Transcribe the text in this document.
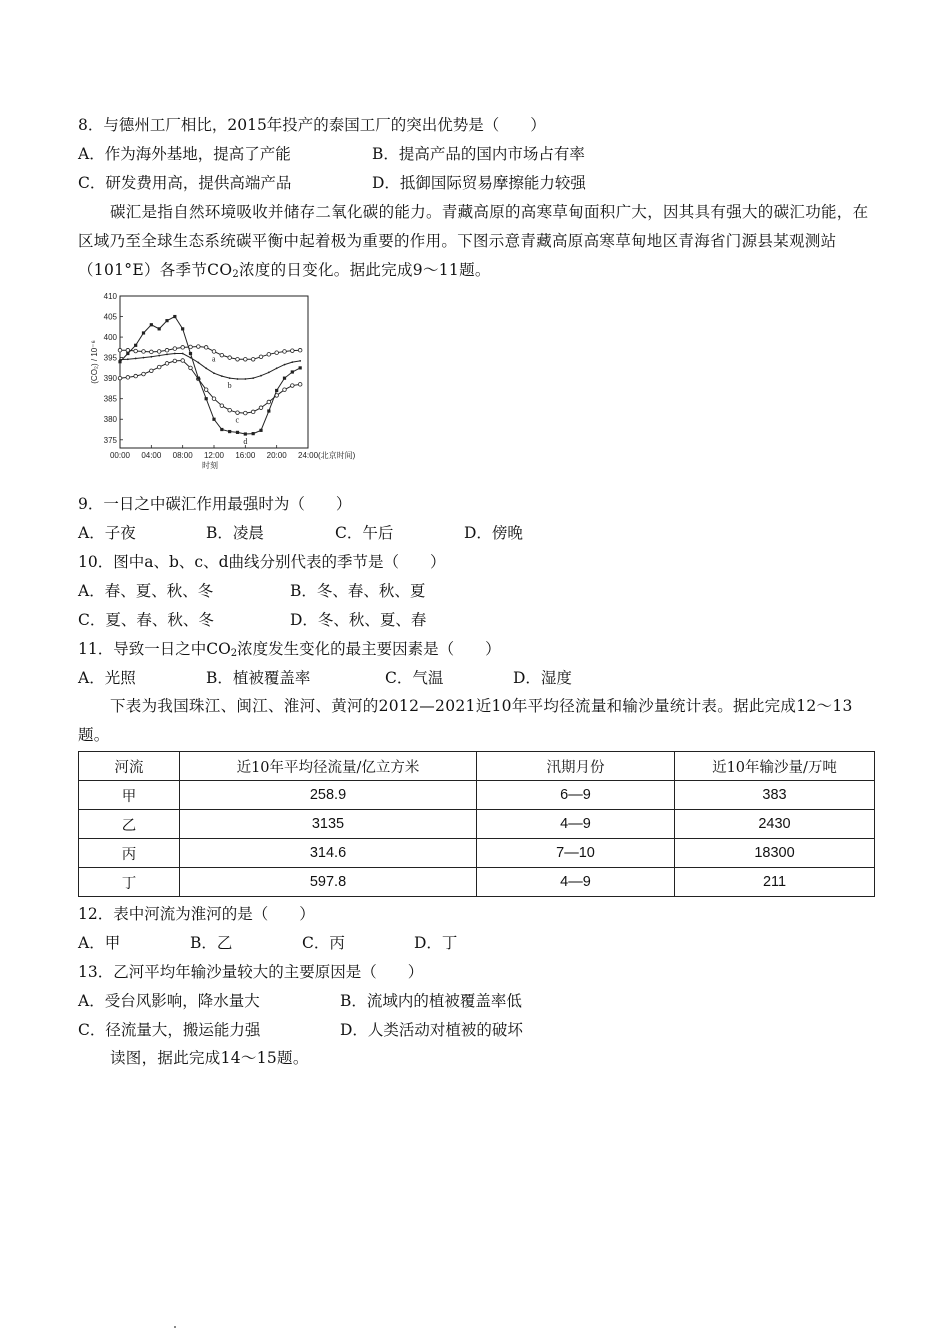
8．与德州工厂相比，2015年投产的泰国工厂的突出优势是（　　）
A．作为海外基地，提高了产能	B．提高产品的国内市场占有率
C．研发费用高，提供高端产品	D．抵御国际贸易摩擦能力较强
碳汇是指自然环境吸收并储存二氧化碳的能力。青藏高原的高寒草甸面积广大，因其具有强大的碳汇功能，在区域乃至全球生态系统碳平衡中起着极为重要的作用。下图示意青藏高原高寒草甸地区青海省门源县某观测站（101°E）各季节$CO_2$浓度的日变化。据此完成9～11题。
410
405
400
395
390
385
380
375
00:00 04:00 08:00 12:00 16:00 20:00 24:00(北京时间)
时刻
(CO₂) / 10⁻⁶	a
b
c
d
9．一日之中碳汇作用最强时为（　　）
A．子夜	B．凌晨	C．午后	D．傍晚
10．图中a、b、c、d曲线分别代表的季节是（　　）
A．春、夏、秋、冬	B．冬、春、秋、夏
C．夏、春、秋、冬	D．冬、秋、夏、春
11．导致一日之中$CO_2$浓度发生变化的最主要因素是（　　）
A．光照	B．植被覆盖率	C．气温	D．湿度
下表为我国珠江、闽江、淮河、黄河的2012—2021近10年平均径流量和输沙量统计表。据此完成12～13题。
河流	近10年平均径流量/亿立方米	汛期月份	近10年输沙量/万吨
甲	258.9	6—9	383
乙	3135	4—9	2430
丙	314.6	7—10	18300
丁	597.8	4—9	211
12．表中河流为淮河的是（　　）
A．甲	B．乙	C．丙	D．丁
13．乙河平均年输沙量较大的主要原因是（　　）
A．受台风影响，降水量大	B．流域内的植被覆盖率低
C．径流量大，搬运能力强	D．人类活动对植被的破坏
读图，据此完成14～15题。
